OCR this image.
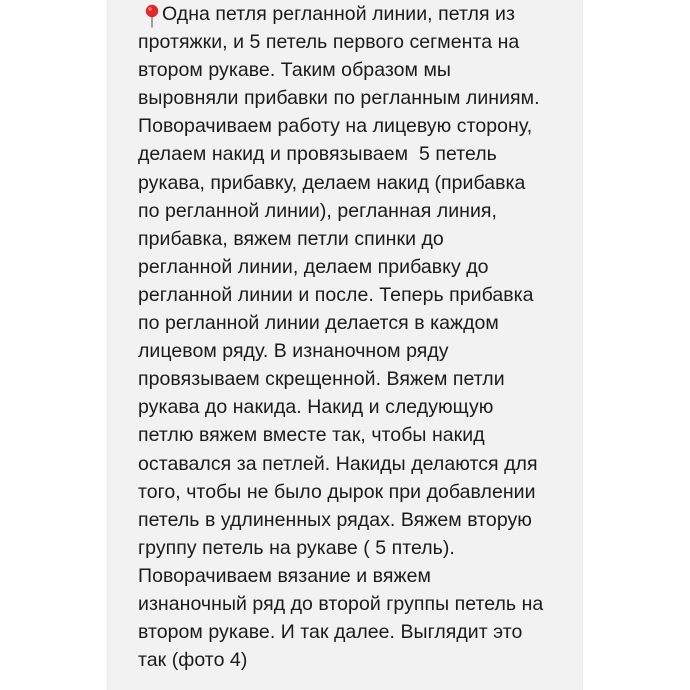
Одна петля регланной линии, петля из
протяжки, и 5 петель первого сегмента на
втором рукаве. Таким образом мы
выровняли прибавки по регланным линиям.
Поворачиваем работу на лицевую сторону,
делаем накид и провязываем  5 петель
рукава, прибавку, делаем накид (прибавка
по регланной линии), регланная линия,
прибавка, вяжем петли спинки до
регланной линии, делаем прибавку до
регланной линии и после. Теперь прибавка
по регланной линии делается в каждом
лицевом ряду. В изнаночном ряду
провязываем скрещенной. Вяжем петли
рукава до накида. Накид и следующую
петлю вяжем вместе так, чтобы накид
оставался за петлей. Накиды делаются для
того, чтобы не было дырок при добавлении
петель в удлиненных рядах. Вяжем вторую
группу петель на рукаве ( 5 птель).
Поворачиваем вязание и вяжем
изнаночный ряд до второй группы петель на
втором рукаве. И так далее. Выглядит это
так (фото 4)
